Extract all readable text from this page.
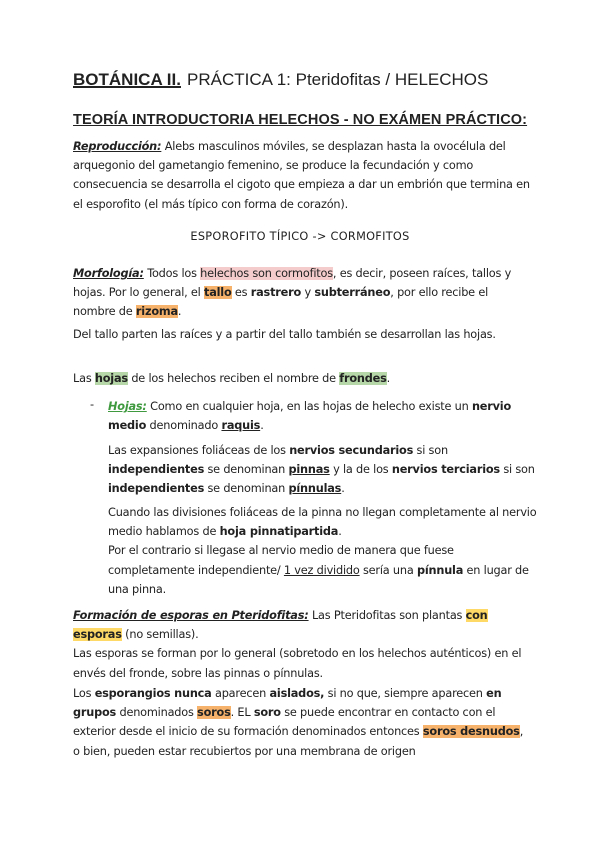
BOTÁNICA II. PRÁCTICA 1: Pteridofitas / HELECHOS
TEORÍA INTRODUCTORIA HELECHOS - NO EXÁMEN PRÁCTICO:
Reproducción: Alebs masculinos móviles, se desplazan hasta la ovocélula del arquegonio del gametangio femenino, se produce la fecundación y como consecuencia se desarrolla el cigoto que empieza a dar un embrión que termina en el esporofito (el más típico con forma de corazón).
ESPOROFITO TÍPICO -> CORMOFITOS
Morfología: Todos los helechos son cormofitos, es decir, poseen raíces, tallos y hojas. Por lo general, el tallo es rastrero y subterráneo, por ello recibe el nombre de rizoma.
Del tallo parten las raíces y a partir del tallo también se desarrollan las hojas.
Las hojas de los helechos reciben el nombre de frondes.
- Hojas: Como en cualquier hoja, en las hojas de helecho existe un nervio medio denominado raquis.
Las expansiones foliáceas de los nervios secundarios si son independientes se denominan pinnas y la de los nervios terciarios si son independientes se denominan pínnulas.
Cuando las divisiones foliáceas de la pinna no llegan completamente al nervio medio hablamos de hoja pinnatipartida.
Por el contrario si llegase al nervio medio de manera que fuese completamente independiente/ 1 vez dividido sería una pínnula en lugar de una pinna.
Formación de esporas en Pteridofitas: Las Pteridofitas son plantas con esporas (no semillas).
Las esporas se forman por lo general (sobretodo en los helechos auténticos) en el envés del fronde, sobre las pinnas o pínnulas.
Los esporangios nunca aparecen aislados, si no que, siempre aparecen en grupos denominados soros. EL soro se puede encontrar en contacto con el exterior desde el inicio de su formación denominados entonces soros desnudos, o bien, pueden estar recubiertos por una membrana de origen
